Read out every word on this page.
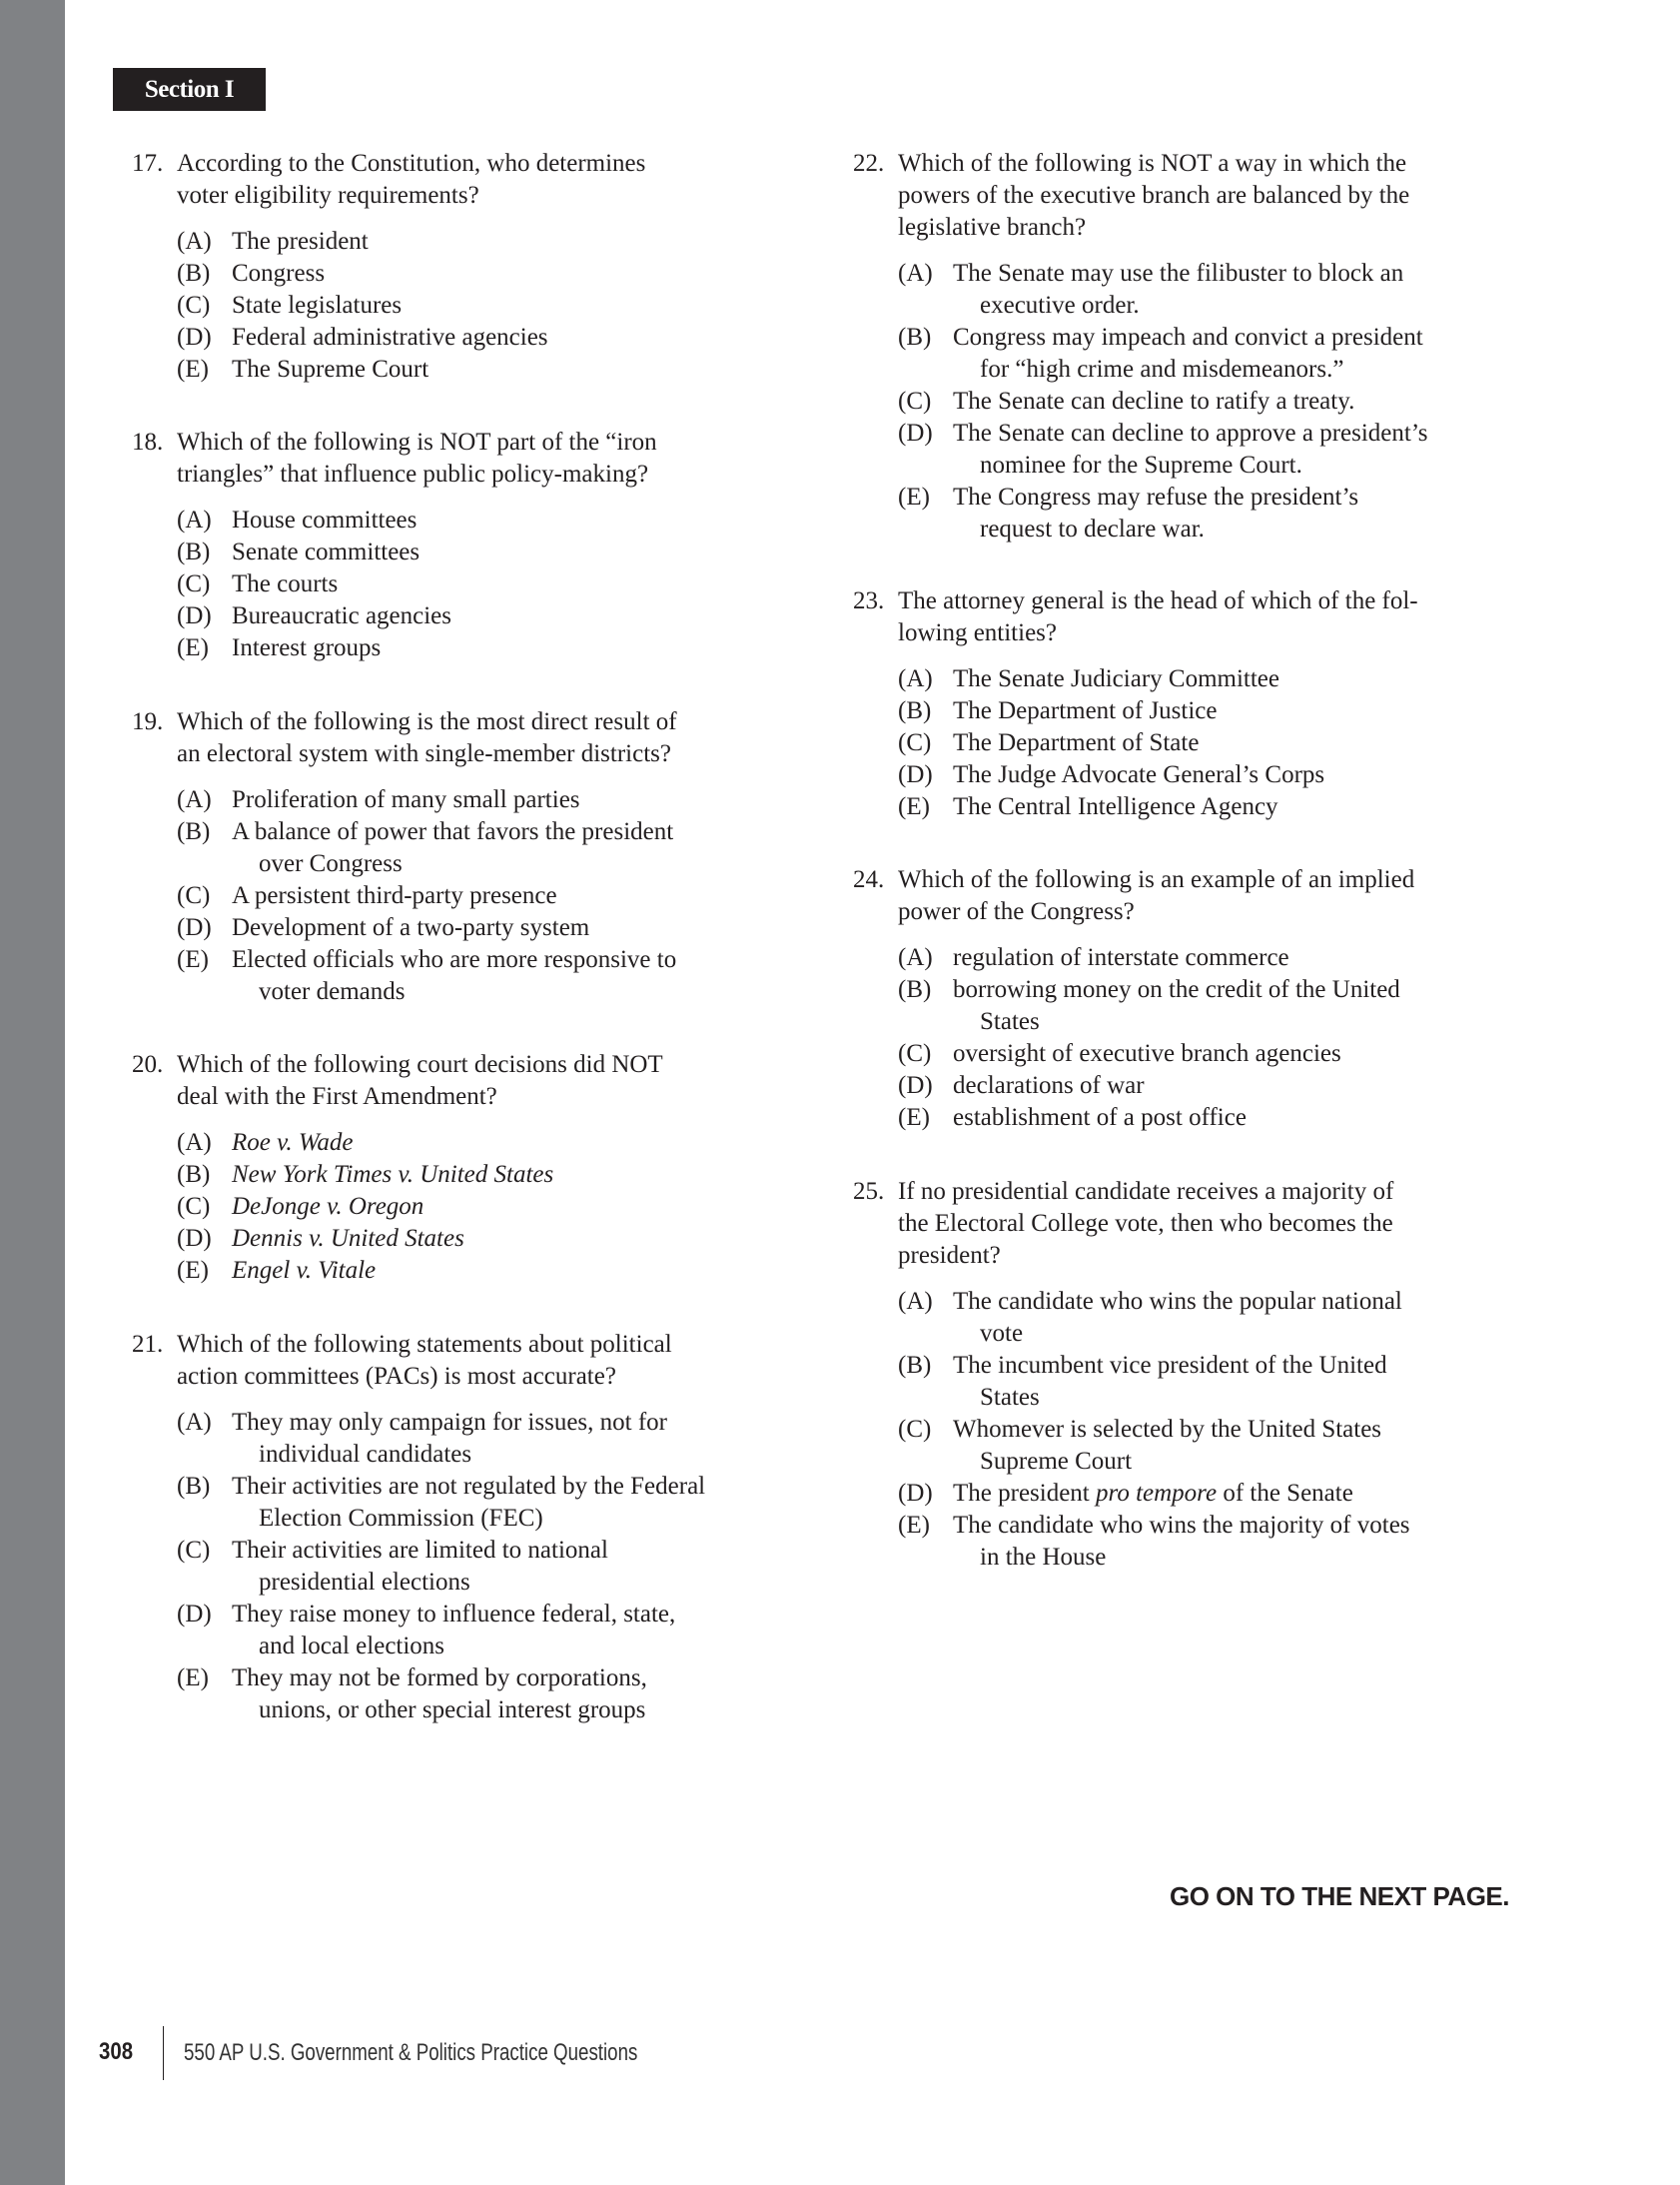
Section I
17. According to the Constitution, who determines
voter eligibility requirements?
(A) The president
(B) Congress
(C) State legislatures
(D) Federal administrative agencies
(E) The Supreme Court
18. Which of the following is NOT part of the “iron
triangles” that influence public policy-making?
(A) House committees
(B) Senate committees
(C) The courts
(D) Bureaucratic agencies
(E) Interest groups
19. Which of the following is the most direct result of
an electoral system with single-member districts?
(A) Proliferation of many small parties
(B) A balance of power that favors the president
over Congress
(C) A persistent third-party presence
(D) Development of a two-party system
(E) Elected officials who are more responsive to
voter demands
20. Which of the following court decisions did NOT
deal with the First Amendment?
(A) Roe v. Wade
(B) New York Times v. United States
(C) DeJonge v. Oregon
(D) Dennis v. United States
(E) Engel v. Vitale
21. Which of the following statements about political
action committees (PACs) is most accurate?
(A) They may only campaign for issues, not for
individual candidates
(B) Their activities are not regulated by the Federal
Election Commission (FEC)
(C) Their activities are limited to national
presidential elections
(D) They raise money to influence federal, state,
and local elections
(E) They may not be formed by corporations,
unions, or other special interest groups
22. Which of the following is NOT a way in which the
powers of the executive branch are balanced by the
legislative branch?
(A) The Senate may use the filibuster to block an
executive order.
(B) Congress may impeach and convict a president
for “high crime and misdemeanors.”
(C) The Senate can decline to ratify a treaty.
(D) The Senate can decline to approve a president’s
nominee for the Supreme Court.
(E) The Congress may refuse the president’s
request to declare war.
23. The attorney general is the head of which of the fol-
lowing entities?
(A) The Senate Judiciary Committee
(B) The Department of Justice
(C) The Department of State
(D) The Judge Advocate General’s Corps
(E) The Central Intelligence Agency
24. Which of the following is an example of an implied
power of the Congress?
(A) regulation of interstate commerce
(B) borrowing money on the credit of the United
States
(C) oversight of executive branch agencies
(D) declarations of war
(E) establishment of a post office
25. If no presidential candidate receives a majority of
the Electoral College vote, then who becomes the
president?
(A) The candidate who wins the popular national
vote
(B) The incumbent vice president of the United
States
(C) Whomever is selected by the United States
Supreme Court
(D) The president pro tempore of the Senate
(E) The candidate who wins the majority of votes
in the House
GO ON TO THE NEXT PAGE.
308 550 AP U.S. Government & Politics Practice Questions
